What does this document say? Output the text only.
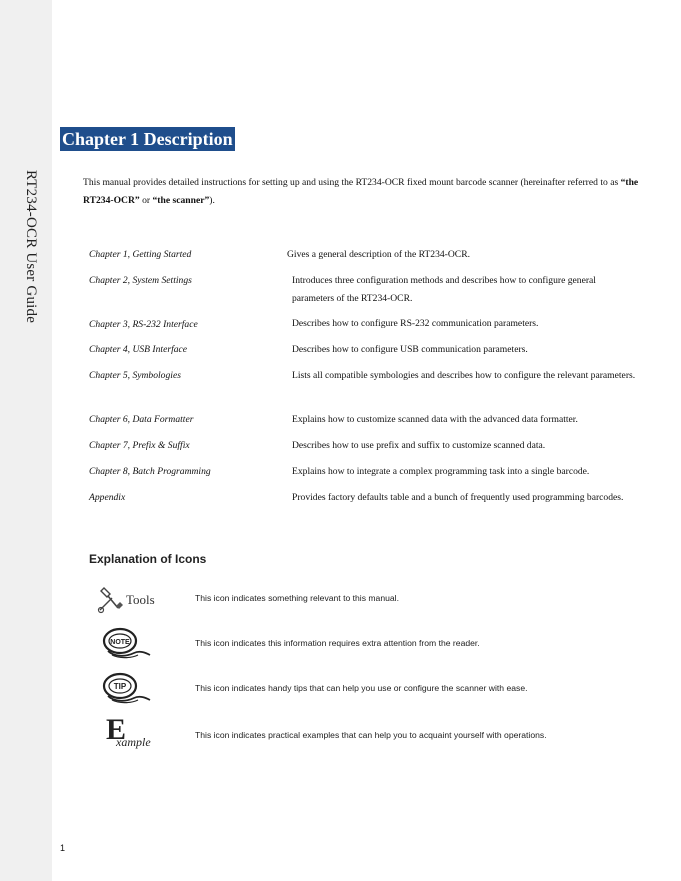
RT234-OCR User Guide
Chapter 1 Description
This manual provides detailed instructions for setting up and using the RT234-OCR fixed mount barcode scanner (hereinafter referred to as “the RT234-OCR” or “the scanner”).
Chapter 1, Getting Started	Gives a general description of the RT234-OCR.
Chapter 2, System Settings	Introduces three configuration methods and describes how to configure general parameters of the RT234-OCR.
Chapter 3, RS-232 Interface	Describes how to configure RS-232 communication parameters.
Chapter 4, USB Interface	Describes how to configure USB communication parameters.
Chapter 5, Symbologies	Lists all compatible symbologies and describes how to configure the relevant parameters.
Chapter 6, Data Formatter	Explains how to customize scanned data with the advanced data formatter.
Chapter 7, Prefix & Suffix	Describes how to use prefix and suffix to customize scanned data.
Chapter 8, Batch Programming	Explains how to integrate a complex programming task into a single barcode.
Appendix	Provides factory defaults table and a bunch of frequently used programming barcodes.
Explanation of Icons
Tools	This icon indicates something relevant to this manual.
NOTE	This icon indicates this information requires extra attention from the reader.
TIP	This icon indicates handy tips that can help you use or configure the scanner with ease.
E
xample	This icon indicates practical examples that can help you to acquaint yourself with operations.
1
